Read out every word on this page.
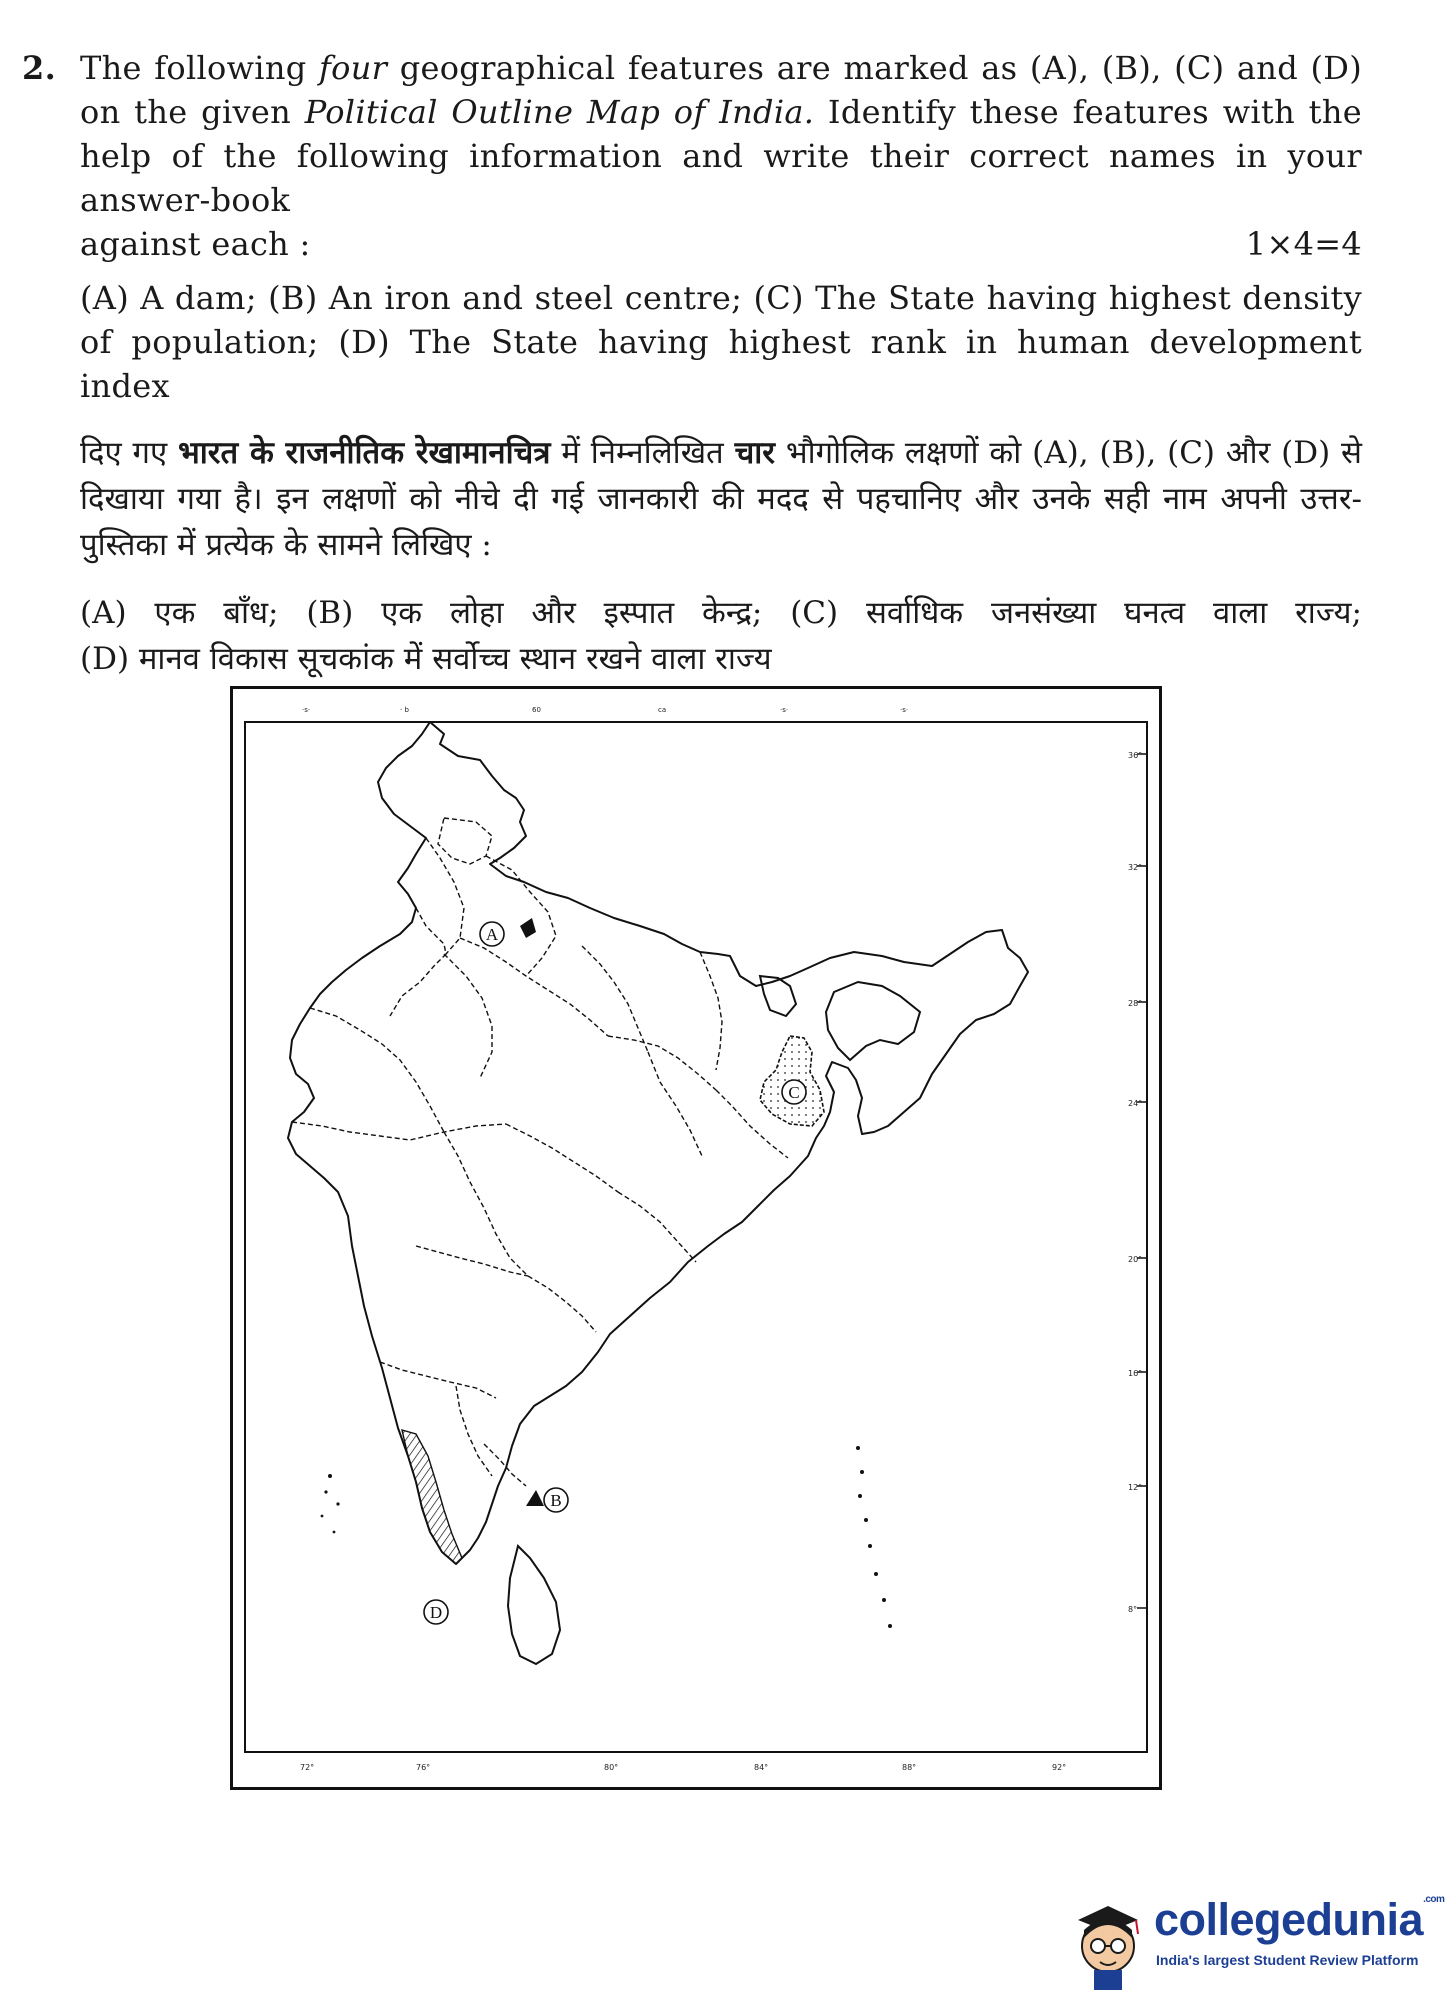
2. The following four geographical features are marked as (A), (B), (C) and (D) on the given Political Outline Map of India. Identify these features with the help of the following information and write their correct names in your answer-book
against each :	1×4=4
(A) A dam; (B) An iron and steel centre; (C) The State having highest density of population; (D) The State having highest rank in human development index
दिए गए भारत के राजनीतिक रेखामानचित्र में निम्नलिखित चार भौगोलिक लक्षणों को (A), (B), (C) और (D) से दिखाया गया है। इन लक्षणों को नीचे दी गई जानकारी की मदद से पहचानिए और उनके सही नाम अपनी उत्तर-पुस्तिका में प्रत्येक के सामने लिखिए :
(A) एक बाँध; (B) एक लोहा और इस्पात केन्द्र; (C) सर्वाधिक जनसंख्या घनत्व वाला राज्य;
(D) मानव विकास सूचकांक में सर्वोच्च स्थान रखने वाला राज्य
·s·	· b	60	ca	·s·	·s·
36°
32°
28°
24°
20°
16°
12°
8°
72°	76°	80°	84°	88°	92°
A
B
C
D
collegedunia$^{.com}$
India's largest Student Review Platform
